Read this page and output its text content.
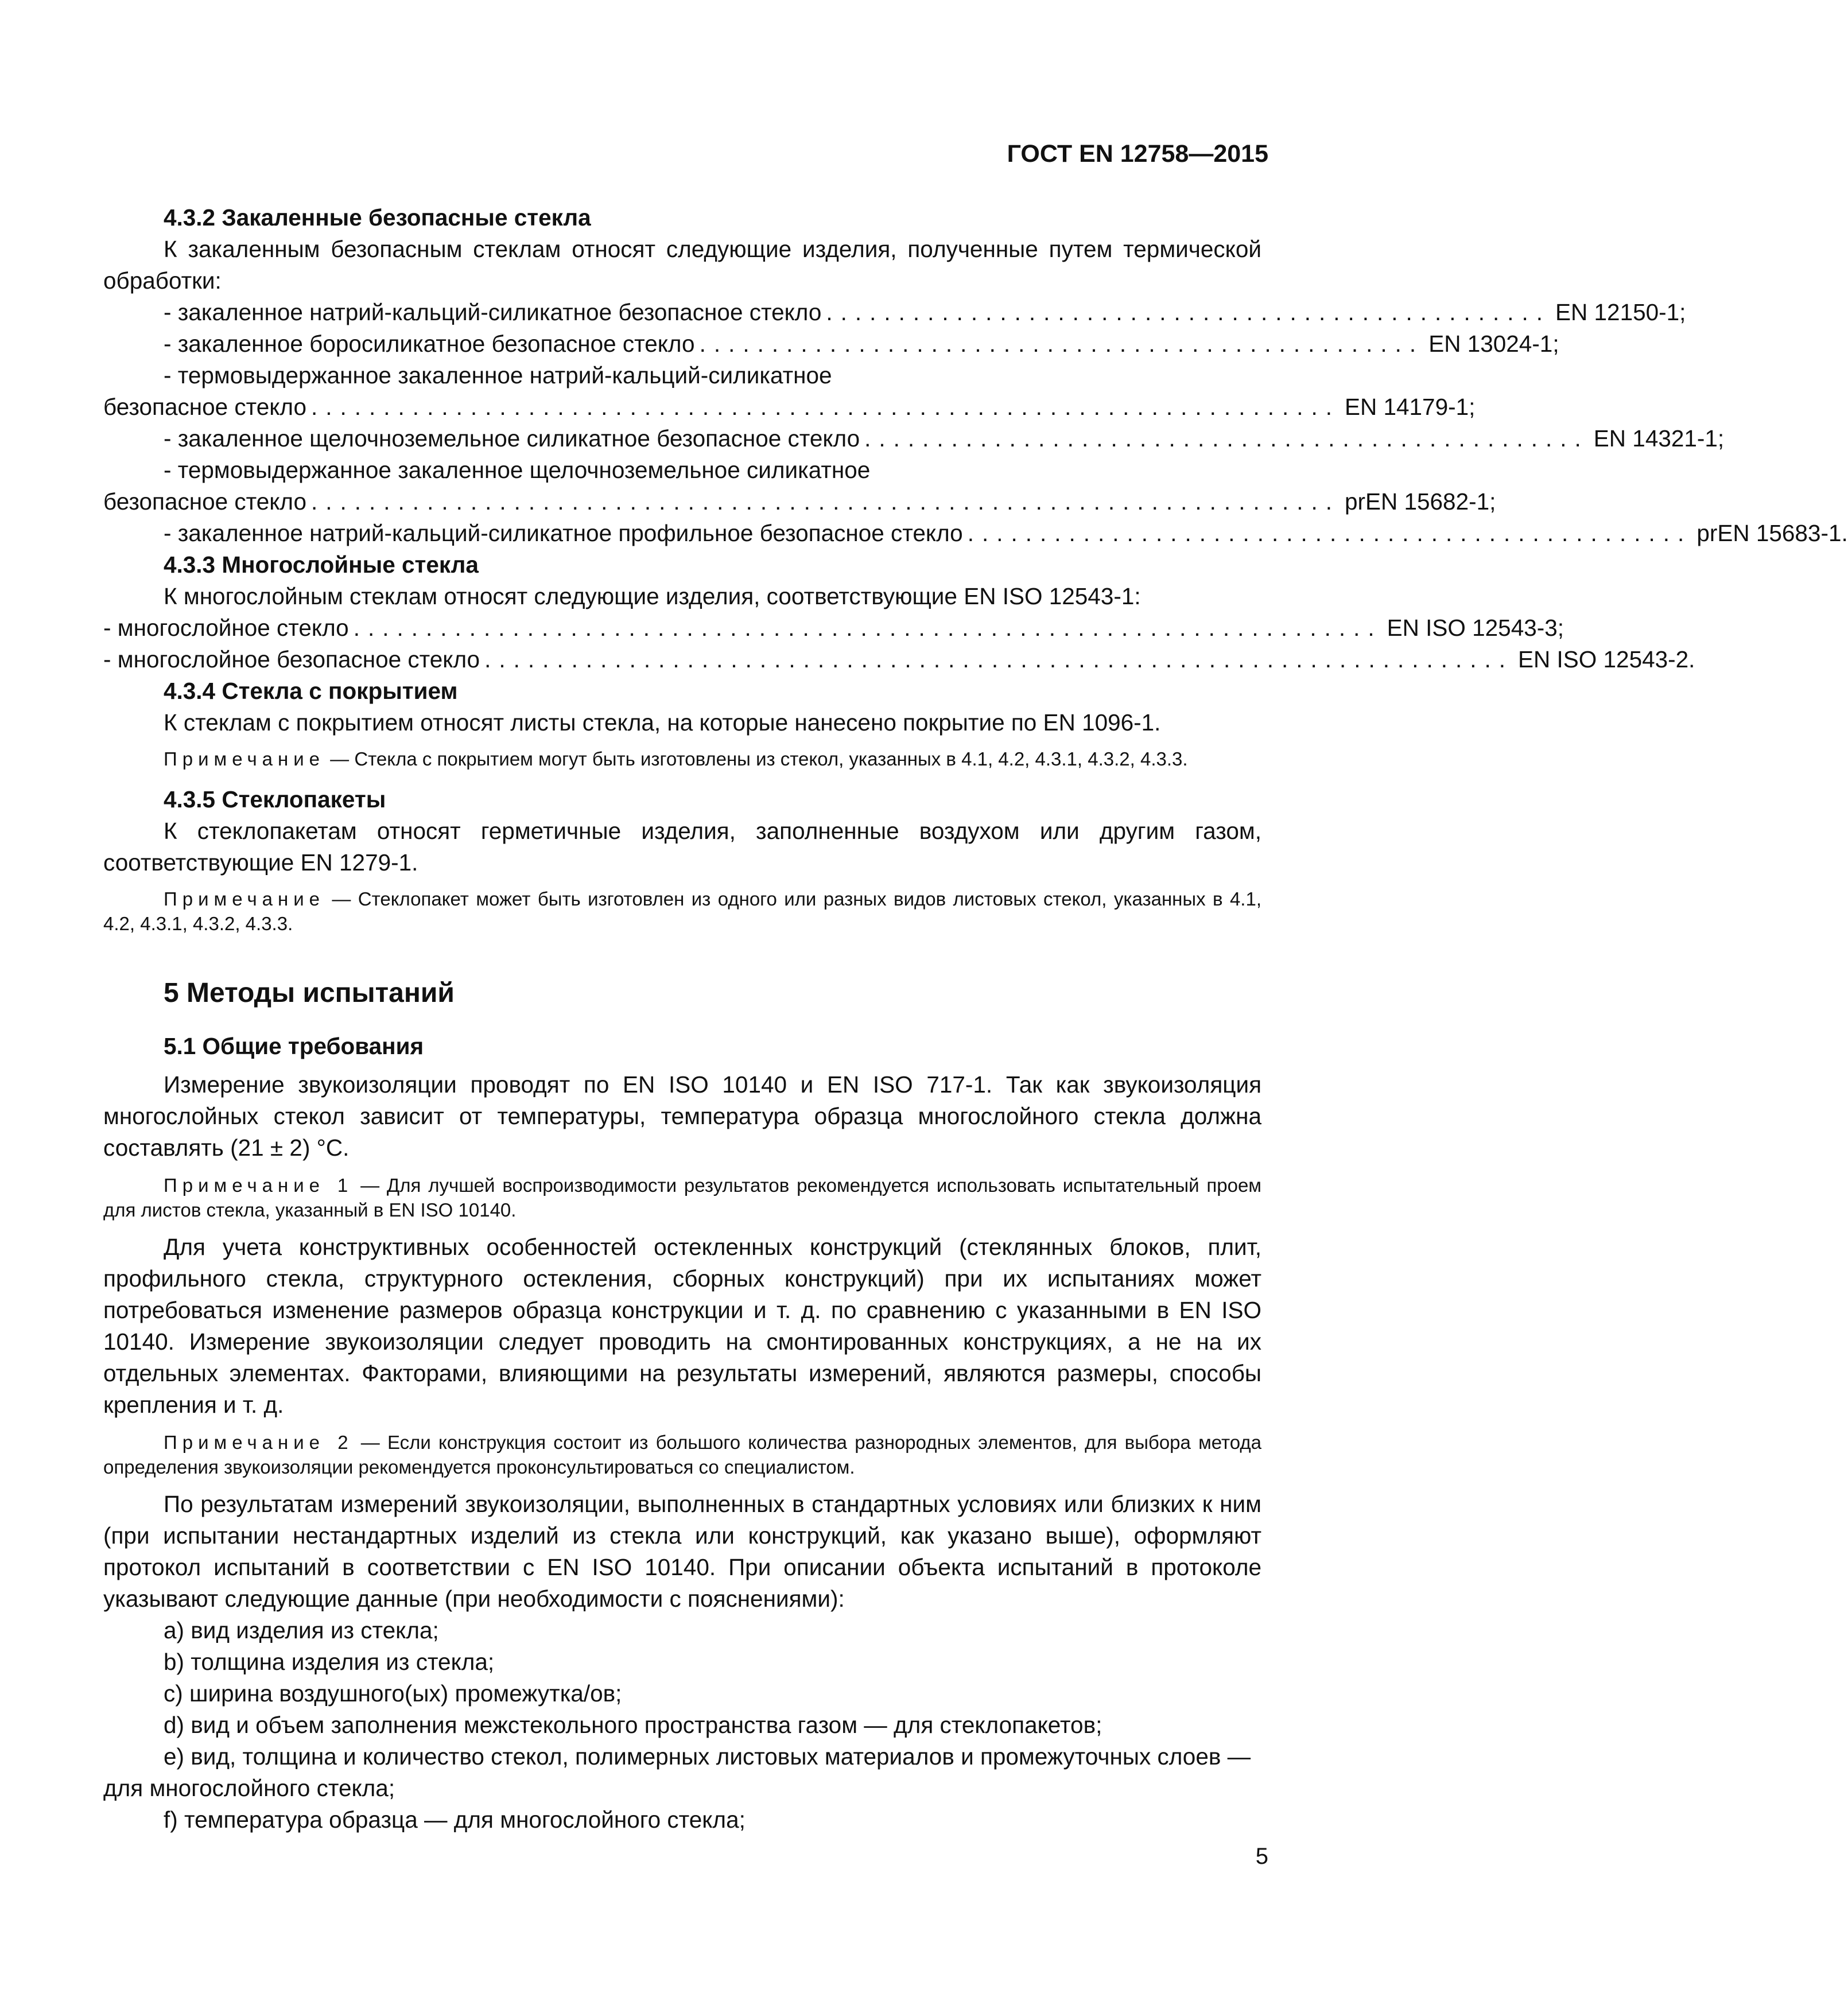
ГОСТ EN 12758—2015
4.3.2 Закаленные безопасные стекла

К закаленным безопасным стеклам относят следующие изделия, полученные путем термической обработки:

- закаленное натрий-кальций-силикатное безопасное стекло .................................................. EN 12150-1;
- закаленное боросиликатное безопасное стекло .................................................. EN 13024-1;
- термовыдержанное закаленное натрий-кальций-силикатное
безопасное стекло ....................................................................... EN 14179-1;
- закаленное щелочноземельное силикатное безопасное стекло .................................................. EN 14321-1;
- термовыдержанное закаленное щелочноземельное силикатное
безопасное стекло ....................................................................... prEN 15682-1;
- закаленное натрий-кальций-силикатное профильное безопасное стекло .................................................. prEN 15683-1.
4.3.3 Многослойные стекла

К многослойным стеклам относят следующие изделия, соответствующие EN ISO 12543-1:

- многослойное стекло ....................................................................... EN ISO 12543-3;
- многослойное безопасное стекло ....................................................................... EN ISO 12543-2.
4.3.4 Стекла с покрытием

К стеклам с покрытием относят листы стекла, на которые нанесено покрытие по EN 1096-1.

Примечание — Стекла с покрытием могут быть изготовлены из стекол, указанных в 4.1, 4.2, 4.3.1, 4.3.2, 4.3.3.

4.3.5 Стеклопакеты

К стеклопакетам относят герметичные изделия, заполненные воздухом или другим газом, соответствующие EN 1279-1.

Примечание — Стеклопакет может быть изготовлен из одного или разных видов листовых стекол, указанных в 4.1, 4.2, 4.3.1, 4.3.2, 4.3.3.

5 Методы испытаний
5.1 Общие требования

Измерение звукоизоляции проводят по EN ISO 10140 и EN ISO 717-1. Так как звукоизоляция многослойных стекол зависит от температуры, температура образца многослойного стекла должна составлять (21 ± 2) °С.

Примечание 1 — Для лучшей воспроизводимости результатов рекомендуется использовать испытательный проем для листов стекла, указанный в EN ISO 10140.

Для учета конструктивных особенностей остекленных конструкций (стеклянных блоков, плит, профильного стекла, структурного остекления, сборных конструкций) при их испытаниях может потребоваться изменение размеров образца конструкции и т. д. по сравнению с указанными в EN ISO 10140. Измерение звукоизоляции следует проводить на смонтированных конструкциях, а не на их отдельных элементах. Факторами, влияющими на результаты измерений, являются размеры, способы крепления и т. д.

Примечание 2 — Если конструкция состоит из большого количества разнородных элементов, для выбора метода определения звукоизоляции рекомендуется проконсультироваться со специалистом.

По результатам измерений звукоизоляции, выполненных в стандартных условиях или близких к ним (при испытании нестандартных изделий из стекла или конструкций, как указано выше), оформляют протокол испытаний в соответствии с EN ISO 10140. При описании объекта испытаний в протоколе указывают следующие данные (при необходимости с пояснениями):

a) вид изделия из стекла;
b) толщина изделия из стекла;
c) ширина воздушного(ых) промежутка/ов;
d) вид и объем заполнения межстекольного пространства газом — для стеклопакетов;

e) вид, толщина и количество стекол, полимерных листовых материалов и промежуточных слоев — для многослойного стекла;

f) температура образца — для многослойного стекла;
5
